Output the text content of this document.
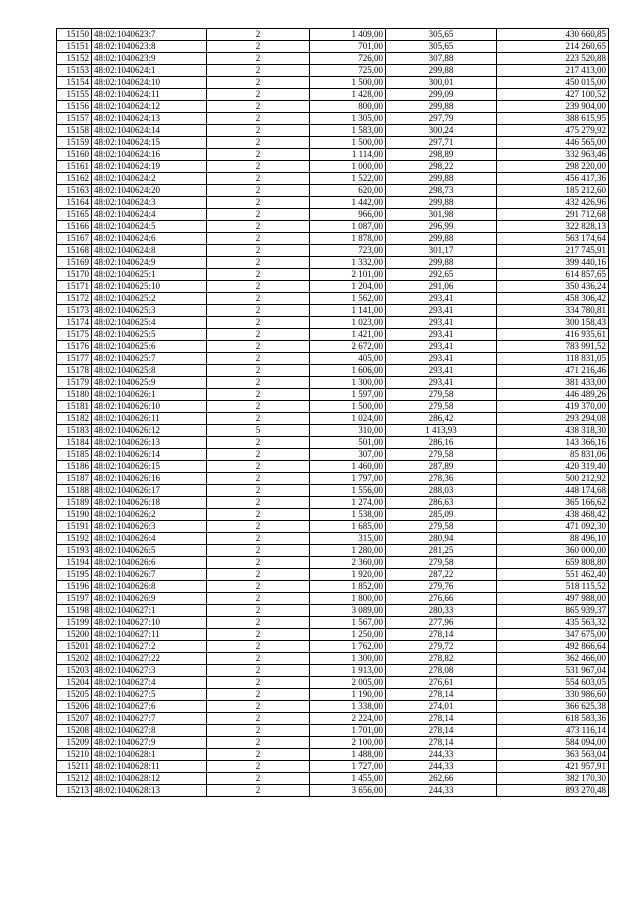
15150	48:02:1040623:7	2	1 409,00	305,65	430 660,85
15151	48:02:1040623:8	2	701,00	305,65	214 260,65
15152	48:02:1040623:9	2	726,00	307,88	223 520,88
15153	48:02:1040624:1	2	725,00	299,88	217 413,00
15154	48:02:1040624:10	2	1 500,00	300,01	450 015,00
15155	48:02:1040624:11	2	1 428,00	299,09	427 100,52
15156	48:02:1040624:12	2	800,00	299,88	239 904,00
15157	48:02:1040624:13	2	1 305,00	297,79	388 615,95
15158	48:02:1040624:14	2	1 583,00	300,24	475 279,92
15159	48:02:1040624:15	2	1 500,00	297,71	446 565,00
15160	48:02:1040624:16	2	1 114,00	298,89	332 963,46
15161	48:02:1040624:19	2	1 000,00	298,22	298 220,00
15162	48:02:1040624:2	2	1 522,00	299,88	456 417,36
15163	48:02:1040624:20	2	620,00	298,73	185 212,60
15164	48:02:1040624:3	2	1 442,00	299,88	432 426,96
15165	48:02:1040624:4	2	966,00	301,98	291 712,68
15166	48:02:1040624:5	2	1 087,00	296,99	322 828,13
15167	48:02:1040624:6	2	1 878,00	299,88	563 174,64
15168	48:02:1040624:8	2	723,00	301,17	217 745,91
15169	48:02:1040624:9	2	1 332,00	299,88	399 440,16
15170	48:02:1040625:1	2	2 101,00	292,65	614 857,65
15171	48:02:1040625:10	2	1 204,00	291,06	350 436,24
15172	48:02:1040625:2	2	1 562,00	293,41	458 306,42
15173	48:02:1040625:3	2	1 141,00	293,41	334 780,81
15174	48:02:1040625:4	2	1 023,00	293,41	300 158,43
15175	48:02:1040625:5	2	1 421,00	293,41	416 935,61
15176	48:02:1040625:6	2	2 672,00	293,41	783 991,52
15177	48:02:1040625:7	2	405,00	293,41	118 831,05
15178	48:02:1040625:8	2	1 606,00	293,41	471 216,46
15179	48:02:1040625:9	2	1 300,00	293,41	381 433,00
15180	48:02:1040626:1	2	1 597,00	279,58	446 489,26
15181	48:02:1040626:10	2	1 500,00	279,58	419 370,00
15182	48:02:1040626:11	2	1 024,00	286,42	293 294,08
15183	48:02:1040626:12	5	310,00	1 413,93	438 318,30
15184	48:02:1040626:13	2	501,00	286,16	143 366,16
15185	48:02:1040626:14	2	307,00	279,58	85 831,06
15186	48:02:1040626:15	2	1 460,00	287,89	420 319,40
15187	48:02:1040626:16	2	1 797,00	278,36	500 212,92
15188	48:02:1040626:17	2	1 556,00	288,03	448 174,68
15189	48:02:1040626:18	2	1 274,00	286,63	365 166,62
15190	48:02:1040626:2	2	1 538,00	285,09	438 468,42
15191	48:02:1040626:3	2	1 685,00	279,58	471 092,30
15192	48:02:1040626:4	2	315,00	280,94	88 496,10
15193	48:02:1040626:5	2	1 280,00	281,25	360 000,00
15194	48:02:1040626:6	2	2 360,00	279,58	659 808,80
15195	48:02:1040626:7	2	1 920,00	287,22	551 462,40
15196	48:02:1040626:8	2	1 852,00	279,76	518 115,52
15197	48:02:1040626:9	2	1 800,00	276,66	497 988,00
15198	48:02:1040627:1	2	3 089,00	280,33	865 939,37
15199	48:02:1040627:10	2	1 567,00	277,96	435 563,32
15200	48:02:1040627:11	2	1 250,00	278,14	347 675,00
15201	48:02:1040627:2	2	1 762,00	279,72	492 866,64
15202	48:02:1040627:22	2	1 300,00	278,82	362 466,00
15203	48:02:1040627:3	2	1 913,00	278,08	531 967,04
15204	48:02:1040627:4	2	2 005,00	276,61	554 603,05
15205	48:02:1040627:5	2	1 190,00	278,14	330 986,60
15206	48:02:1040627:6	2	1 338,00	274,01	366 625,38
15207	48:02:1040627:7	2	2 224,00	278,14	618 583,36
15208	48:02:1040627:8	2	1 701,00	278,14	473 116,14
15209	48:02:1040627:9	2	2 100,00	278,14	584 094,00
15210	48:02:1040628:1	2	1 488,00	244,33	363 563,04
15211	48:02:1040628:11	2	1 727,00	244,33	421 957,91
15212	48:02:1040628:12	2	1 455,00	262,66	382 170,30
15213	48:02:1040628:13	2	3 656,00	244,33	893 270,48
